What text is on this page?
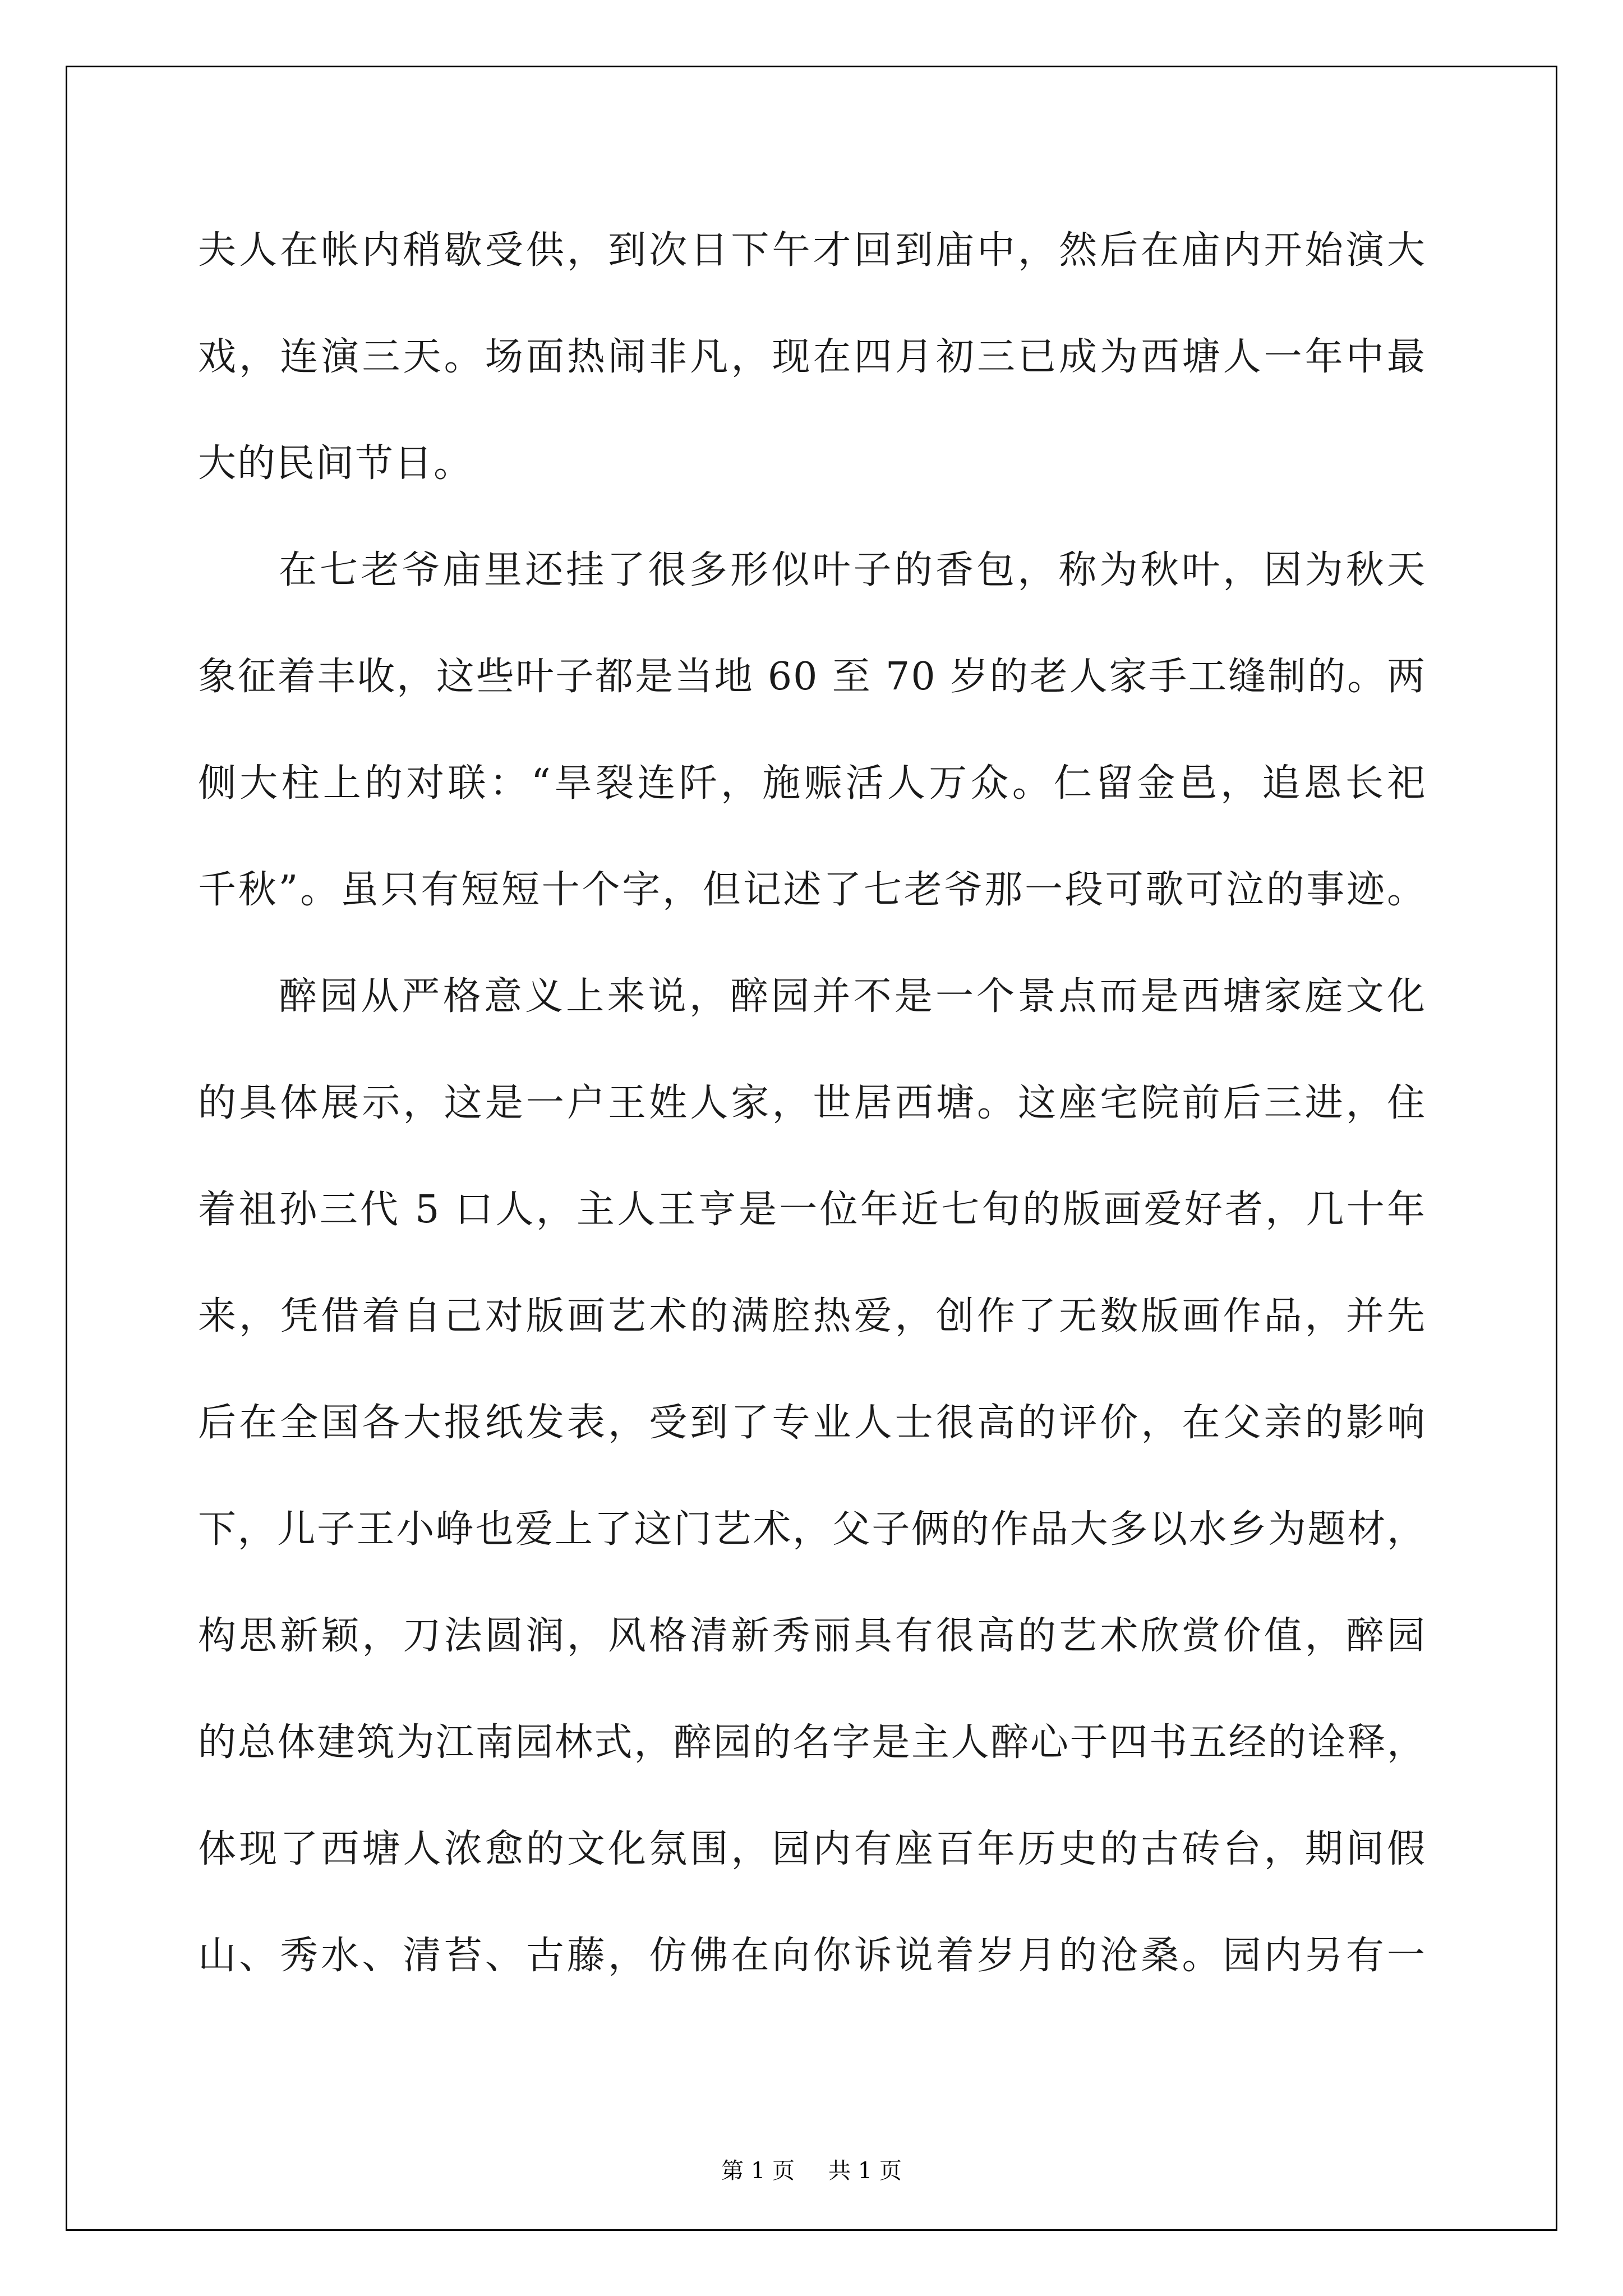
夫人在帐内稍歇受供，到次日下午才回到庙中，然后在庙内开始演大
戏，连演三天。场面热闹非凡，现在四月初三已成为西塘人一年中最
大的民间节日。
在七老爷庙里还挂了很多形似叶子的香包，称为秋叶，因为秋天
象征着丰收，这些叶子都是当地 60 至 70 岁的老人家手工缝制的。两
侧大柱上的对联：“旱裂连阡，施赈活人万众。仁留金邑，追恩长祀
千秋”。虽只有短短十个字，但记述了七老爷那一段可歌可泣的事迹。
醉园从严格意义上来说，醉园并不是一个景点而是西塘家庭文化
的具体展示，这是一户王姓人家，世居西塘。这座宅院前后三进，住
着祖孙三代 5 口人，主人王亨是一位年近七旬的版画爱好者，几十年
来，凭借着自己对版画艺术的满腔热爱，创作了无数版画作品，并先
后在全国各大报纸发表，受到了专业人士很高的评价，在父亲的影响
下，儿子王小峥也爱上了这门艺术，父子俩的作品大多以水乡为题材，
构思新颖，刀法圆润，风格清新秀丽具有很高的艺术欣赏价值，醉园
的总体建筑为江南园林式，醉园的名字是主人醉心于四书五经的诠释，
体现了西塘人浓愈的文化氛围，园内有座百年历史的古砖台，期间假
山、秀水、清苔、古藤，仿佛在向你诉说着岁月的沧桑。园内另有一
第 1 页 共 1 页
